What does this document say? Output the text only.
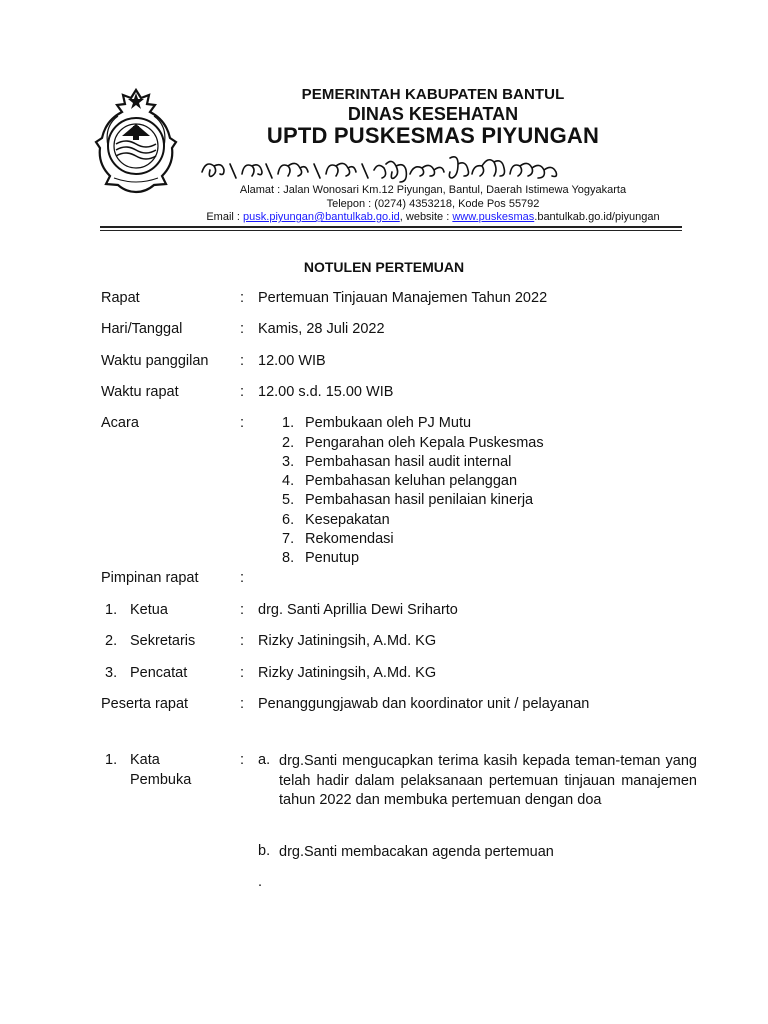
PEMERINTAH KABUPATEN BANTUL
DINAS KESEHATAN
UPTD PUSKESMAS PIYUNGAN
Alamat : Jalan Wonosari Km.12 Piyungan, Bantul, Daerah Istimewa Yogyakarta
Telepon : (0274) 4353218, Kode Pos 55792
Email : pusk.piyungan@bantulkab.go.id, website : www.puskesmas.bantulkab.go.id/piyungan
NOTULEN PERTEMUAN
Rapat	: Pertemuan Tinjauan Manajemen Tahun 2022
Hari/Tanggal	: Kamis, 28 Juli 2022
Waktu panggilan : 12.00 WIB
Waktu rapat	: 12.00 s.d. 15.00 WIB
Acara	:	1. Pembukaan oleh PJ Mutu
2. Pengarahan oleh Kepala Puskesmas
3. Pembahasan hasil audit internal
4. Pembahasan keluhan pelanggan
5. Pembahasan hasil penilaian kinerja
6. Kesepakatan
7. Rekomendasi
8. Penutup
Pimpinan rapat	:
1. Ketua	: drg. Santi Aprillia Dewi Sriharto
2. Sekretaris	: Rizky Jatiningsih, A.Md. KG
3. Pencatat	: Rizky Jatiningsih, A.Md. KG
Peserta rapat	: Penanggungjawab dan koordinator unit / pelayanan
1. Kata
Pembuka
: a. drg.Santi mengucapkan terima kasih kepada teman-teman yang telah hadir dalam pelaksanaan pertemuan tinjauan manajemen tahun 2022 dan membuka pertemuan dengan doa
b. drg.Santi membacakan agenda pertemuan
.
